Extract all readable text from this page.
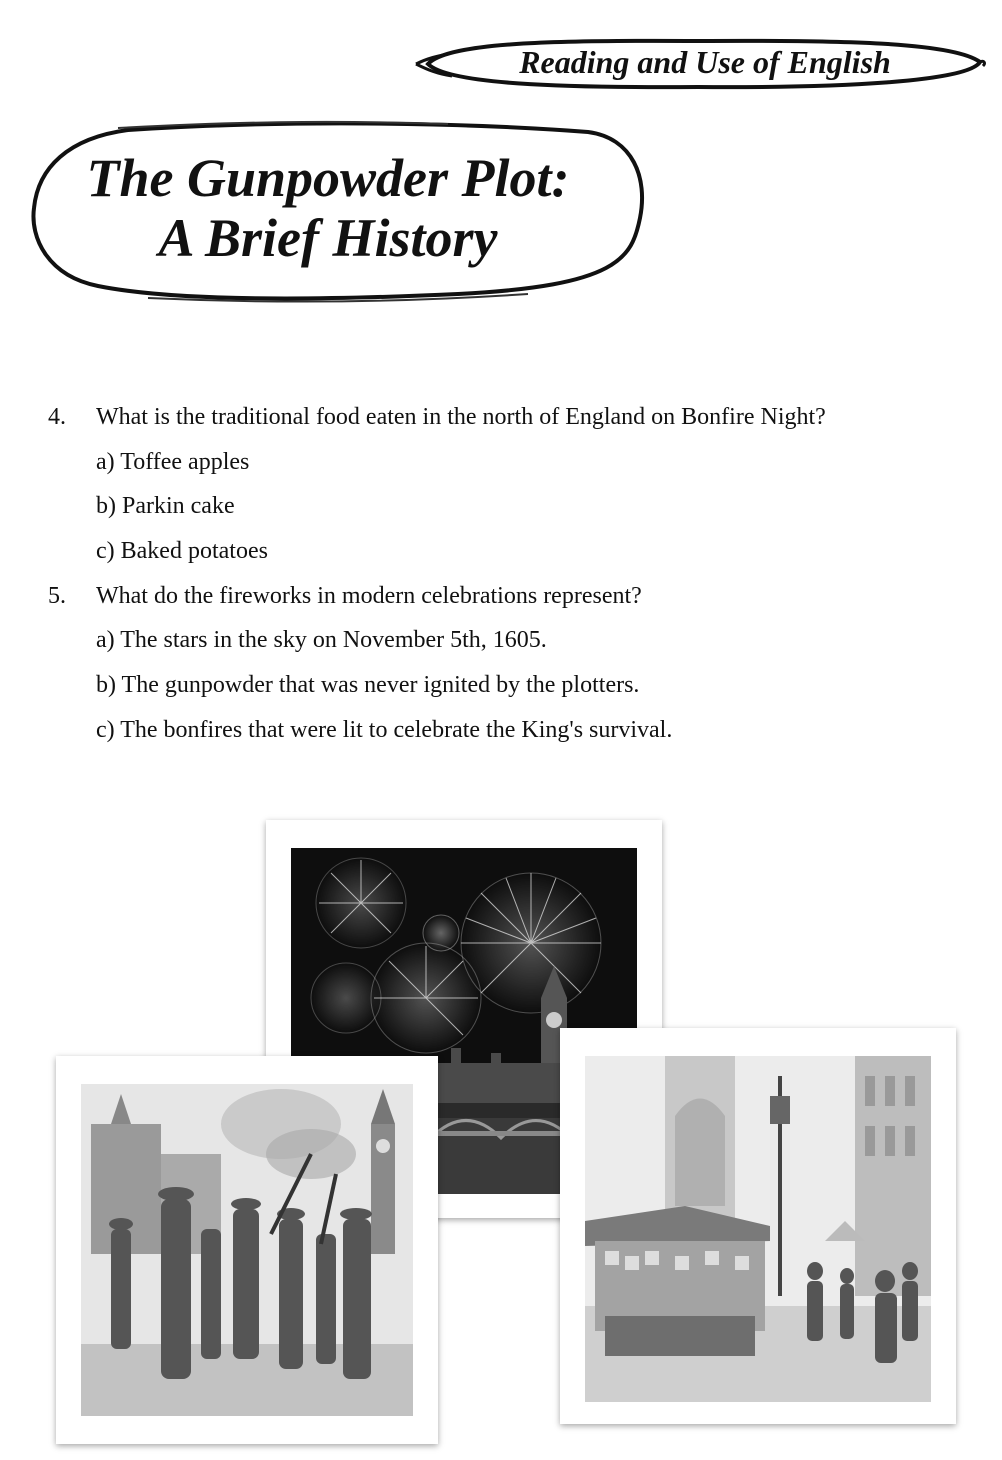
Reading and Use of English
The Gunpowder Plot:
A Brief History
4. What is the traditional food eaten in the north of England on Bonfire Night?
a) Toffee apples
b) Parkin cake
c) Baked potatoes
5. What do the fireworks in modern celebrations represent?
a) The stars in the sky on November 5th, 1605.
b) The gunpowder that was never ignited by the plotters.
c) The bonfires that were lit to celebrate the King's survival.
